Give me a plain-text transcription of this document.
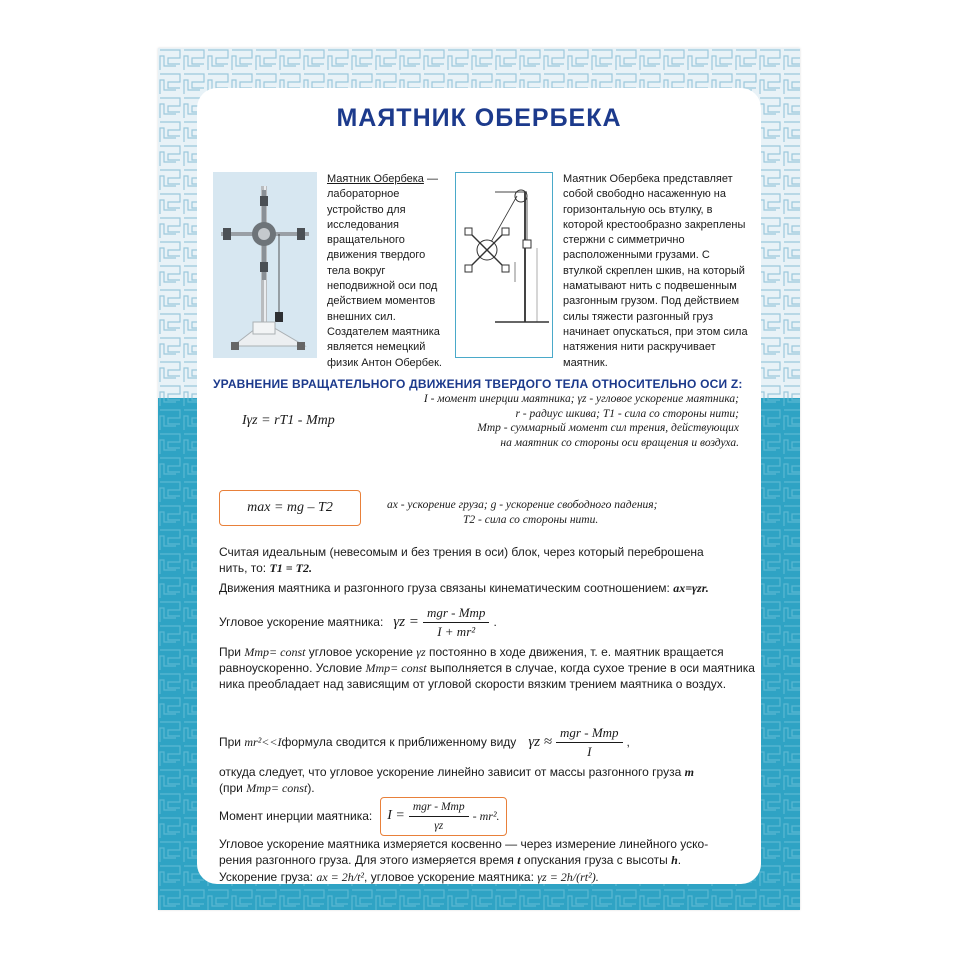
МАЯТНИК ОБЕРБЕКА
Маятник Обербека — лабораторное устройство для исследования вращательного движения твердого тела вокруг неподвижной оси под действием моментов внешних сил. Создателем маятника является немецкий физик Антон Обербек.
Маятник Обербека представляет собой свободно насаженную на горизонтальную ось втулку, в которой крестообразно закреплены стержни с симметрично расположенными грузами. С втулкой скреплен шкив, на который наматывают нить с подвешенным разгонным грузом. Под действием силы тяжести разгонный груз начинает опускаться, при этом сила натяжения нити раскручивает маятник.
УРАВНЕНИЕ ВРАЩАТЕЛЬНОГО ДВИЖЕНИЯ ТВЕРДОГО ТЕЛА ОТНОСИТЕЛЬНО ОСИ Z:
Iγz = rT1 - Mтр
I - момент инерции маятника; γz - угловое ускорение маятника;
r - радиус шкива; T1 - сила со стороны нити;
Mтр - суммарный момент сил трения, действующих
на маятник со стороны оси вращения и воздуха.
II ЗАКОН НЬЮТОНА ДЛЯ РАЗГОННОГО ГРУЗА В ПРОЕКЦИИ НА ВЕРТИКАЛЬНУЮ ОСЬ X:
max = mg – T2	ax - ускорение груза; g - ускорение свободного падения;
T2 - сила со стороны нити.
Считая идеальным (невесомым и без трения в оси) блок, через который переброшена
нить, то: T1 = T2.
Движения маятника и разгонного груза связаны кинематическим соотношением: ax=γzr.
Угловое ускорение маятника: $\gamma z = \frac{\text{mgr - Mтр}}{\text{I + mr²}}$ .
При Mтр= const угловое ускорение γz постоянно в ходе движения, т. е. маятник вращается
равноускоренно. Условие Mтр= const выполняется в случае, когда сухое трение в оси маятника
ника преобладает над зависящим от угловой скорости вязким трением маятника о воздух.
При
mr²<<I формула сводится к приближенному виду $\gamma z \approx \frac{\text{mgr - Mтр}}{I}$ ,
откуда следует, что угловое ускорение линейно зависит от массы разгонного груза m
(при Mтр= const).
Момент инерции маятника: $I = \frac{\text{mgr - Mтр}}{\gamma z} - mr^2$.
Угловое ускорение маятника измеряется косвенно — через измерение линейного уско-
рения разгонного груза. Для этого измеряется время t опускания груза с высоты h.
Ускорение груза: ax = 2h/t², угловое ускорение маятника: γz = 2h/(rt²).
